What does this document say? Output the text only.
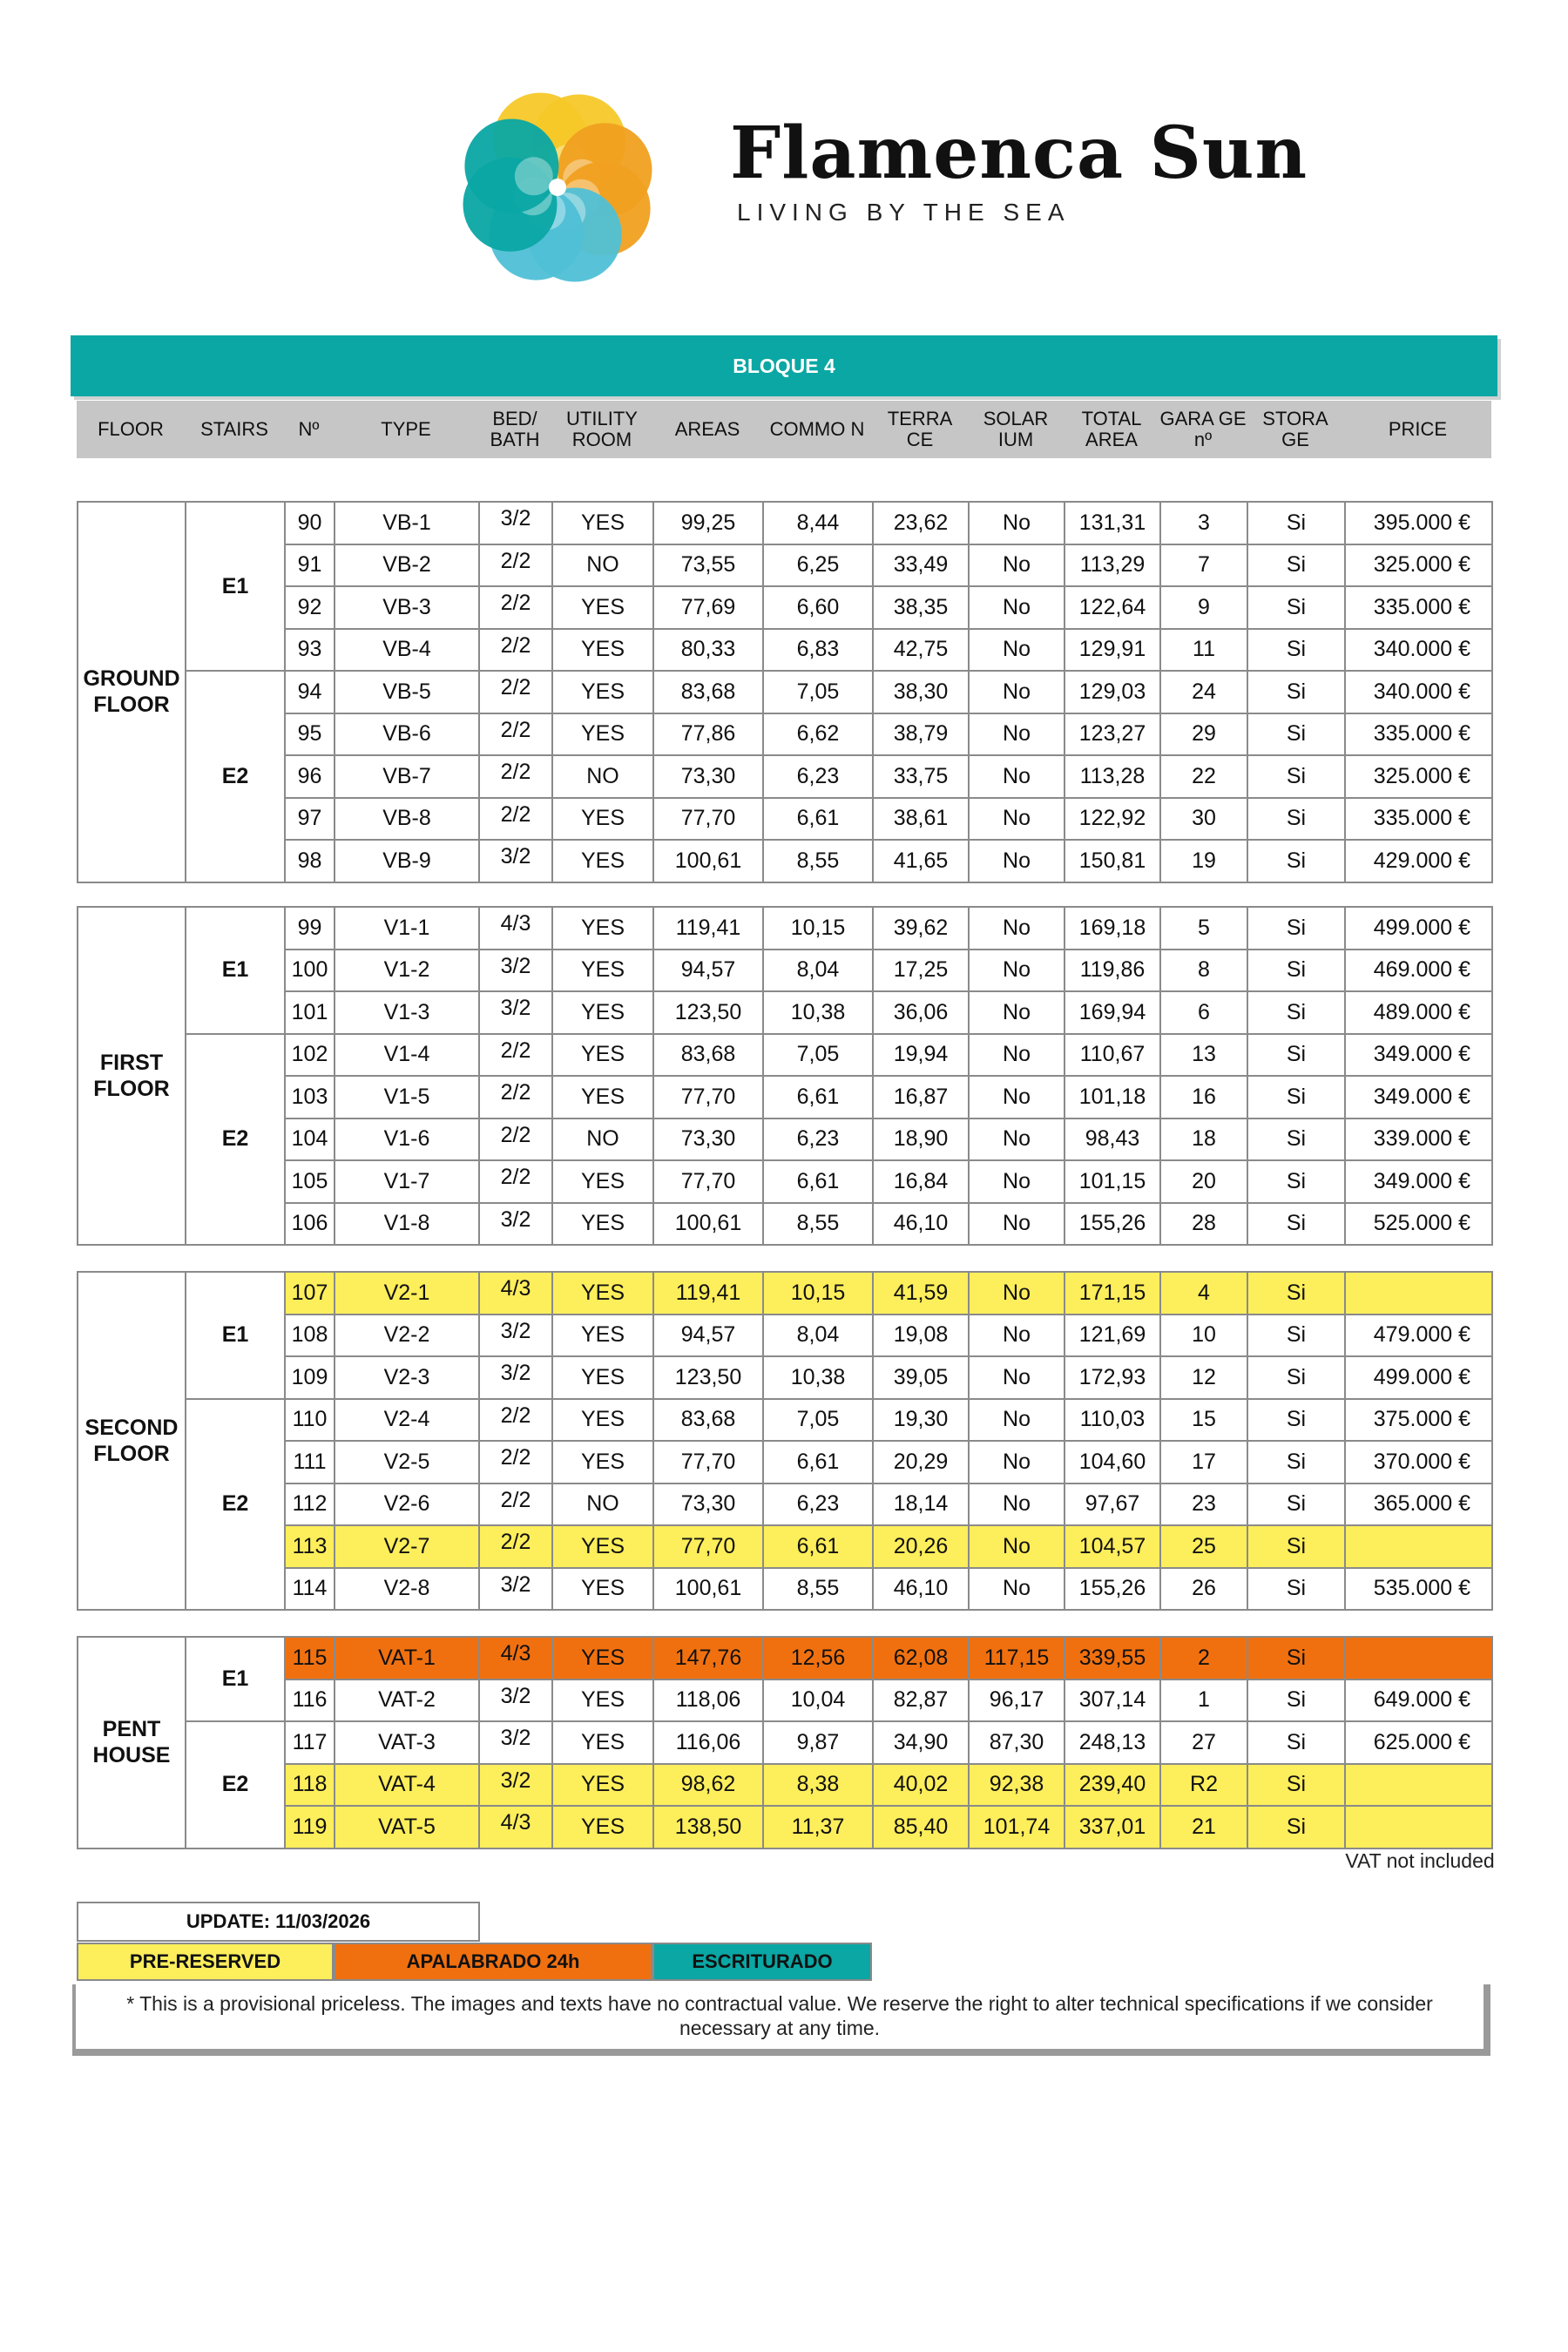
Flamenca Sun
LIVING BY THE SEA
BLOQUE 4
FLOOR	STAIRS	Nº	TYPE	BED/ BATH	UTILITY ROOM	AREAS	COMMO N	TERRA CE	SOLAR IUM	TOTAL AREA	GARA GE nº	STORA GE	PRICE
GROUND FLOOR	E1	90	VB-1	3/2	YES	99,25	8,44	23,62	No	131,31	3	Si	395.000 €
		91	VB-2	2/2	NO	73,55	6,25	33,49	No	113,29	7	Si	325.000 €
		92	VB-3	2/2	YES	77,69	6,60	38,35	No	122,64	9	Si	335.000 €
		93	VB-4	2/2	YES	80,33	6,83	42,75	No	129,91	11	Si	340.000 €
	E2	94	VB-5	2/2	YES	83,68	7,05	38,30	No	129,03	24	Si	340.000 €
		95	VB-6	2/2	YES	77,86	6,62	38,79	No	123,27	29	Si	335.000 €
		96	VB-7	2/2	NO	73,30	6,23	33,75	No	113,28	22	Si	325.000 €
		97	VB-8	2/2	YES	77,70	6,61	38,61	No	122,92	30	Si	335.000 €
		98	VB-9	3/2	YES	100,61	8,55	41,65	No	150,81	19	Si	429.000 €
FIRST FLOOR	E1	99	V1-1	4/3	YES	119,41	10,15	39,62	No	169,18	5	Si	499.000 €
		100	V1-2	3/2	YES	94,57	8,04	17,25	No	119,86	8	Si	469.000 €
		101	V1-3	3/2	YES	123,50	10,38	36,06	No	169,94	6	Si	489.000 €
	E2	102	V1-4	2/2	YES	83,68	7,05	19,94	No	110,67	13	Si	349.000 €
		103	V1-5	2/2	YES	77,70	6,61	16,87	No	101,18	16	Si	349.000 €
		104	V1-6	2/2	NO	73,30	6,23	18,90	No	98,43	18	Si	339.000 €
		105	V1-7	2/2	YES	77,70	6,61	16,84	No	101,15	20	Si	349.000 €
		106	V1-8	3/2	YES	100,61	8,55	46,10	No	155,26	28	Si	525.000 €
SECOND FLOOR	E1	107	V2-1	4/3	YES	119,41	10,15	41,59	No	171,15	4	Si	
		108	V2-2	3/2	YES	94,57	8,04	19,08	No	121,69	10	Si	479.000 €
		109	V2-3	3/2	YES	123,50	10,38	39,05	No	172,93	12	Si	499.000 €
	E2	110	V2-4	2/2	YES	83,68	7,05	19,30	No	110,03	15	Si	375.000 €
		111	V2-5	2/2	YES	77,70	6,61	20,29	No	104,60	17	Si	370.000 €
		112	V2-6	2/2	NO	73,30	6,23	18,14	No	97,67	23	Si	365.000 €
		113	V2-7	2/2	YES	77,70	6,61	20,26	No	104,57	25	Si	
		114	V2-8	3/2	YES	100,61	8,55	46,10	No	155,26	26	Si	535.000 €
PENT HOUSE	E1	115	VAT-1	4/3	YES	147,76	12,56	62,08	117,15	339,55	2	Si	
		116	VAT-2	3/2	YES	118,06	10,04	82,87	96,17	307,14	1	Si	649.000 €
	E2	117	VAT-3	3/2	YES	116,06	9,87	34,90	87,30	248,13	27	Si	625.000 €
		118	VAT-4	3/2	YES	98,62	8,38	40,02	92,38	239,40	R2	Si	
		119	VAT-5	4/3	YES	138,50	11,37	85,40	101,74	337,01	21	Si	
VAT not included
UPDATE: 11/03/2026
PRE-RESERVED	APALABRADO 24h	ESCRITURADO
* This is a provisional priceless. The images and texts have no contractual value. We reserve the right to alter technical specifications if we consider necessary at any time.
